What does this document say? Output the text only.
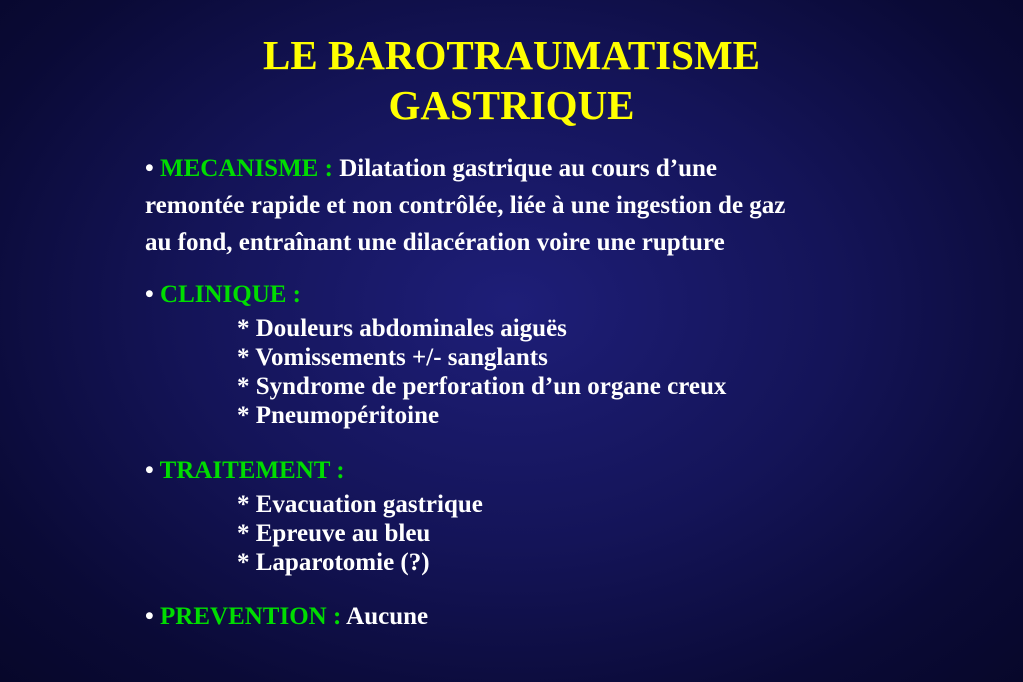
LE BAROTRAUMATISME
GASTRIQUE
• MECANISME : Dilatation gastrique au cours d’une
remontée rapide et non contrôlée, liée à une ingestion de gaz
au fond, entraînant une dilacération voire une rupture
• CLINIQUE :
* Douleurs abdominales aiguës
* Vomissements +/- sanglants
* Syndrome de perforation d’un organe creux
* Pneumopéritoine
• TRAITEMENT :
* Evacuation gastrique
* Epreuve au bleu
* Laparotomie (?)
• PREVENTION : Aucune
